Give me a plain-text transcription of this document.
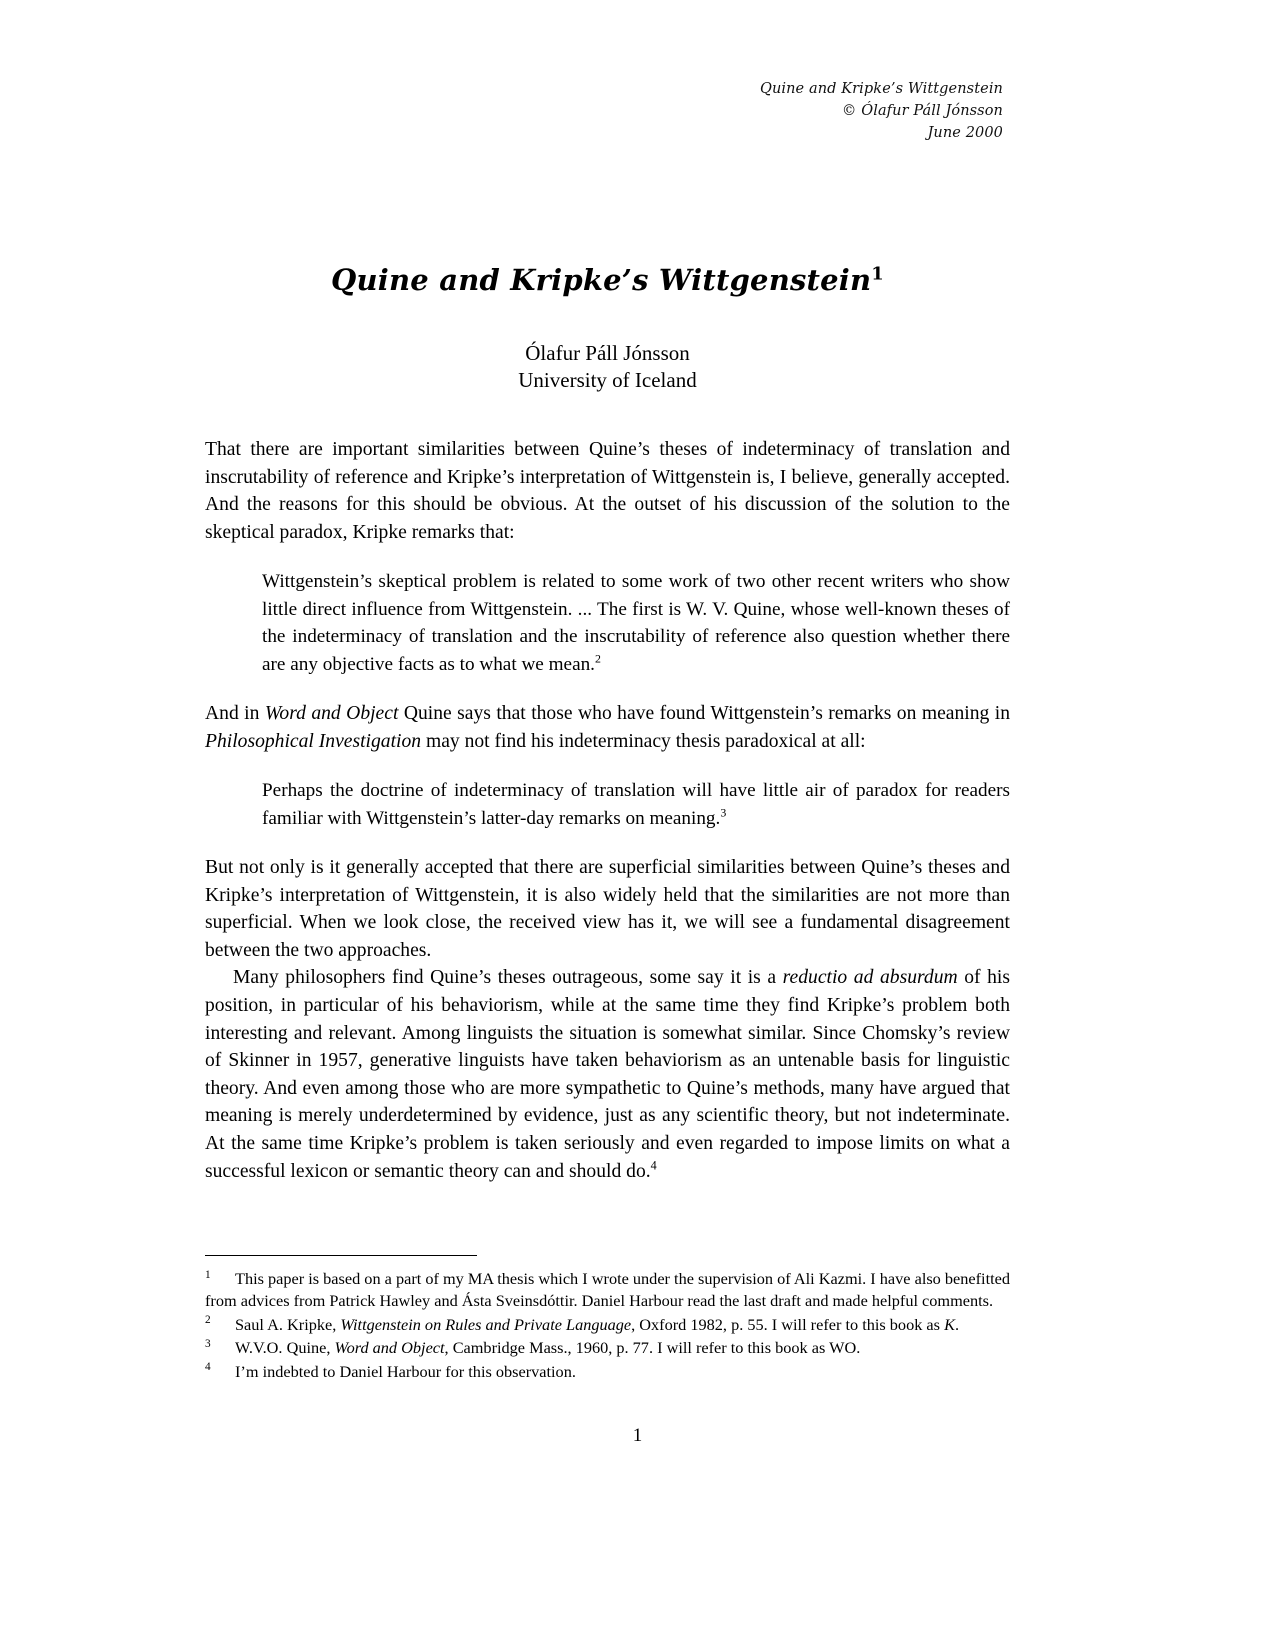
Quine and Kripke’s Wittgenstein
© Ólafur Páll Jónsson
June 2000
Quine and Kripke’s Wittgenstein$^1$
Ólafur Páll Jónsson
University of Iceland

That there are important similarities between Quine’s theses of indeterminacy of translation and inscrutability of reference and Kripke’s interpretation of Wittgenstein is, I believe, generally accepted. And the reasons for this should be obvious. At the outset of his discussion of the solution to the skeptical paradox, Kripke remarks that:

Wittgenstein’s skeptical problem is related to some work of two other recent writers who show little direct influence from Wittgenstein. ... The first is W. V. Quine, whose well-known theses of the indeterminacy of translation and the inscrutability of reference also question whether there are any objective facts as to what we mean.$^2$

And in Word and Object Quine says that those who have found Wittgenstein’s remarks on meaning in Philosophical Investigation may not find his indeterminacy thesis paradoxical at all:

Perhaps the doctrine of indeterminacy of translation will have little air of paradox for readers familiar with Wittgenstein’s latter-day remarks on meaning.$^3$

But not only is it generally accepted that there are superficial similarities between Quine’s theses and Kripke’s interpretation of Wittgenstein, it is also widely held that the similarities are not more than superficial. When we look close, the received view has it, we will see a fundamental disagreement between the two approaches.

Many philosophers find Quine’s theses outrageous, some say it is a reductio ad absurdum of his position, in particular of his behaviorism, while at the same time they find Kripke’s problem both interesting and relevant. Among linguists the situation is somewhat similar. Since Chomsky’s review of Skinner in 1957, generative linguists have taken behaviorism as an untenable basis for linguistic theory. And even among those who are more sympathetic to Quine’s methods, many have argued that meaning is merely underdetermined by evidence, just as any scientific theory, but not indeterminate. At the same time Kripke’s problem is taken seriously and even regarded to impose limits on what a successful lexicon or semantic theory can and should do.$^4$

1 This paper is based on a part of my MA thesis which I wrote under the supervision of Ali Kazmi. I have also benefitted from advices from Patrick Hawley and Ásta Sveinsdóttir. Daniel Harbour read the last draft and made helpful comments.

2 Saul A. Kripke, Wittgenstein on Rules and Private Language, Oxford 1982, p. 55. I will refer to this book as K.

3 W.V.O. Quine, Word and Object, Cambridge Mass., 1960, p. 77. I will refer to this book as WO.

4 I’m indebted to Daniel Harbour for this observation.

1
